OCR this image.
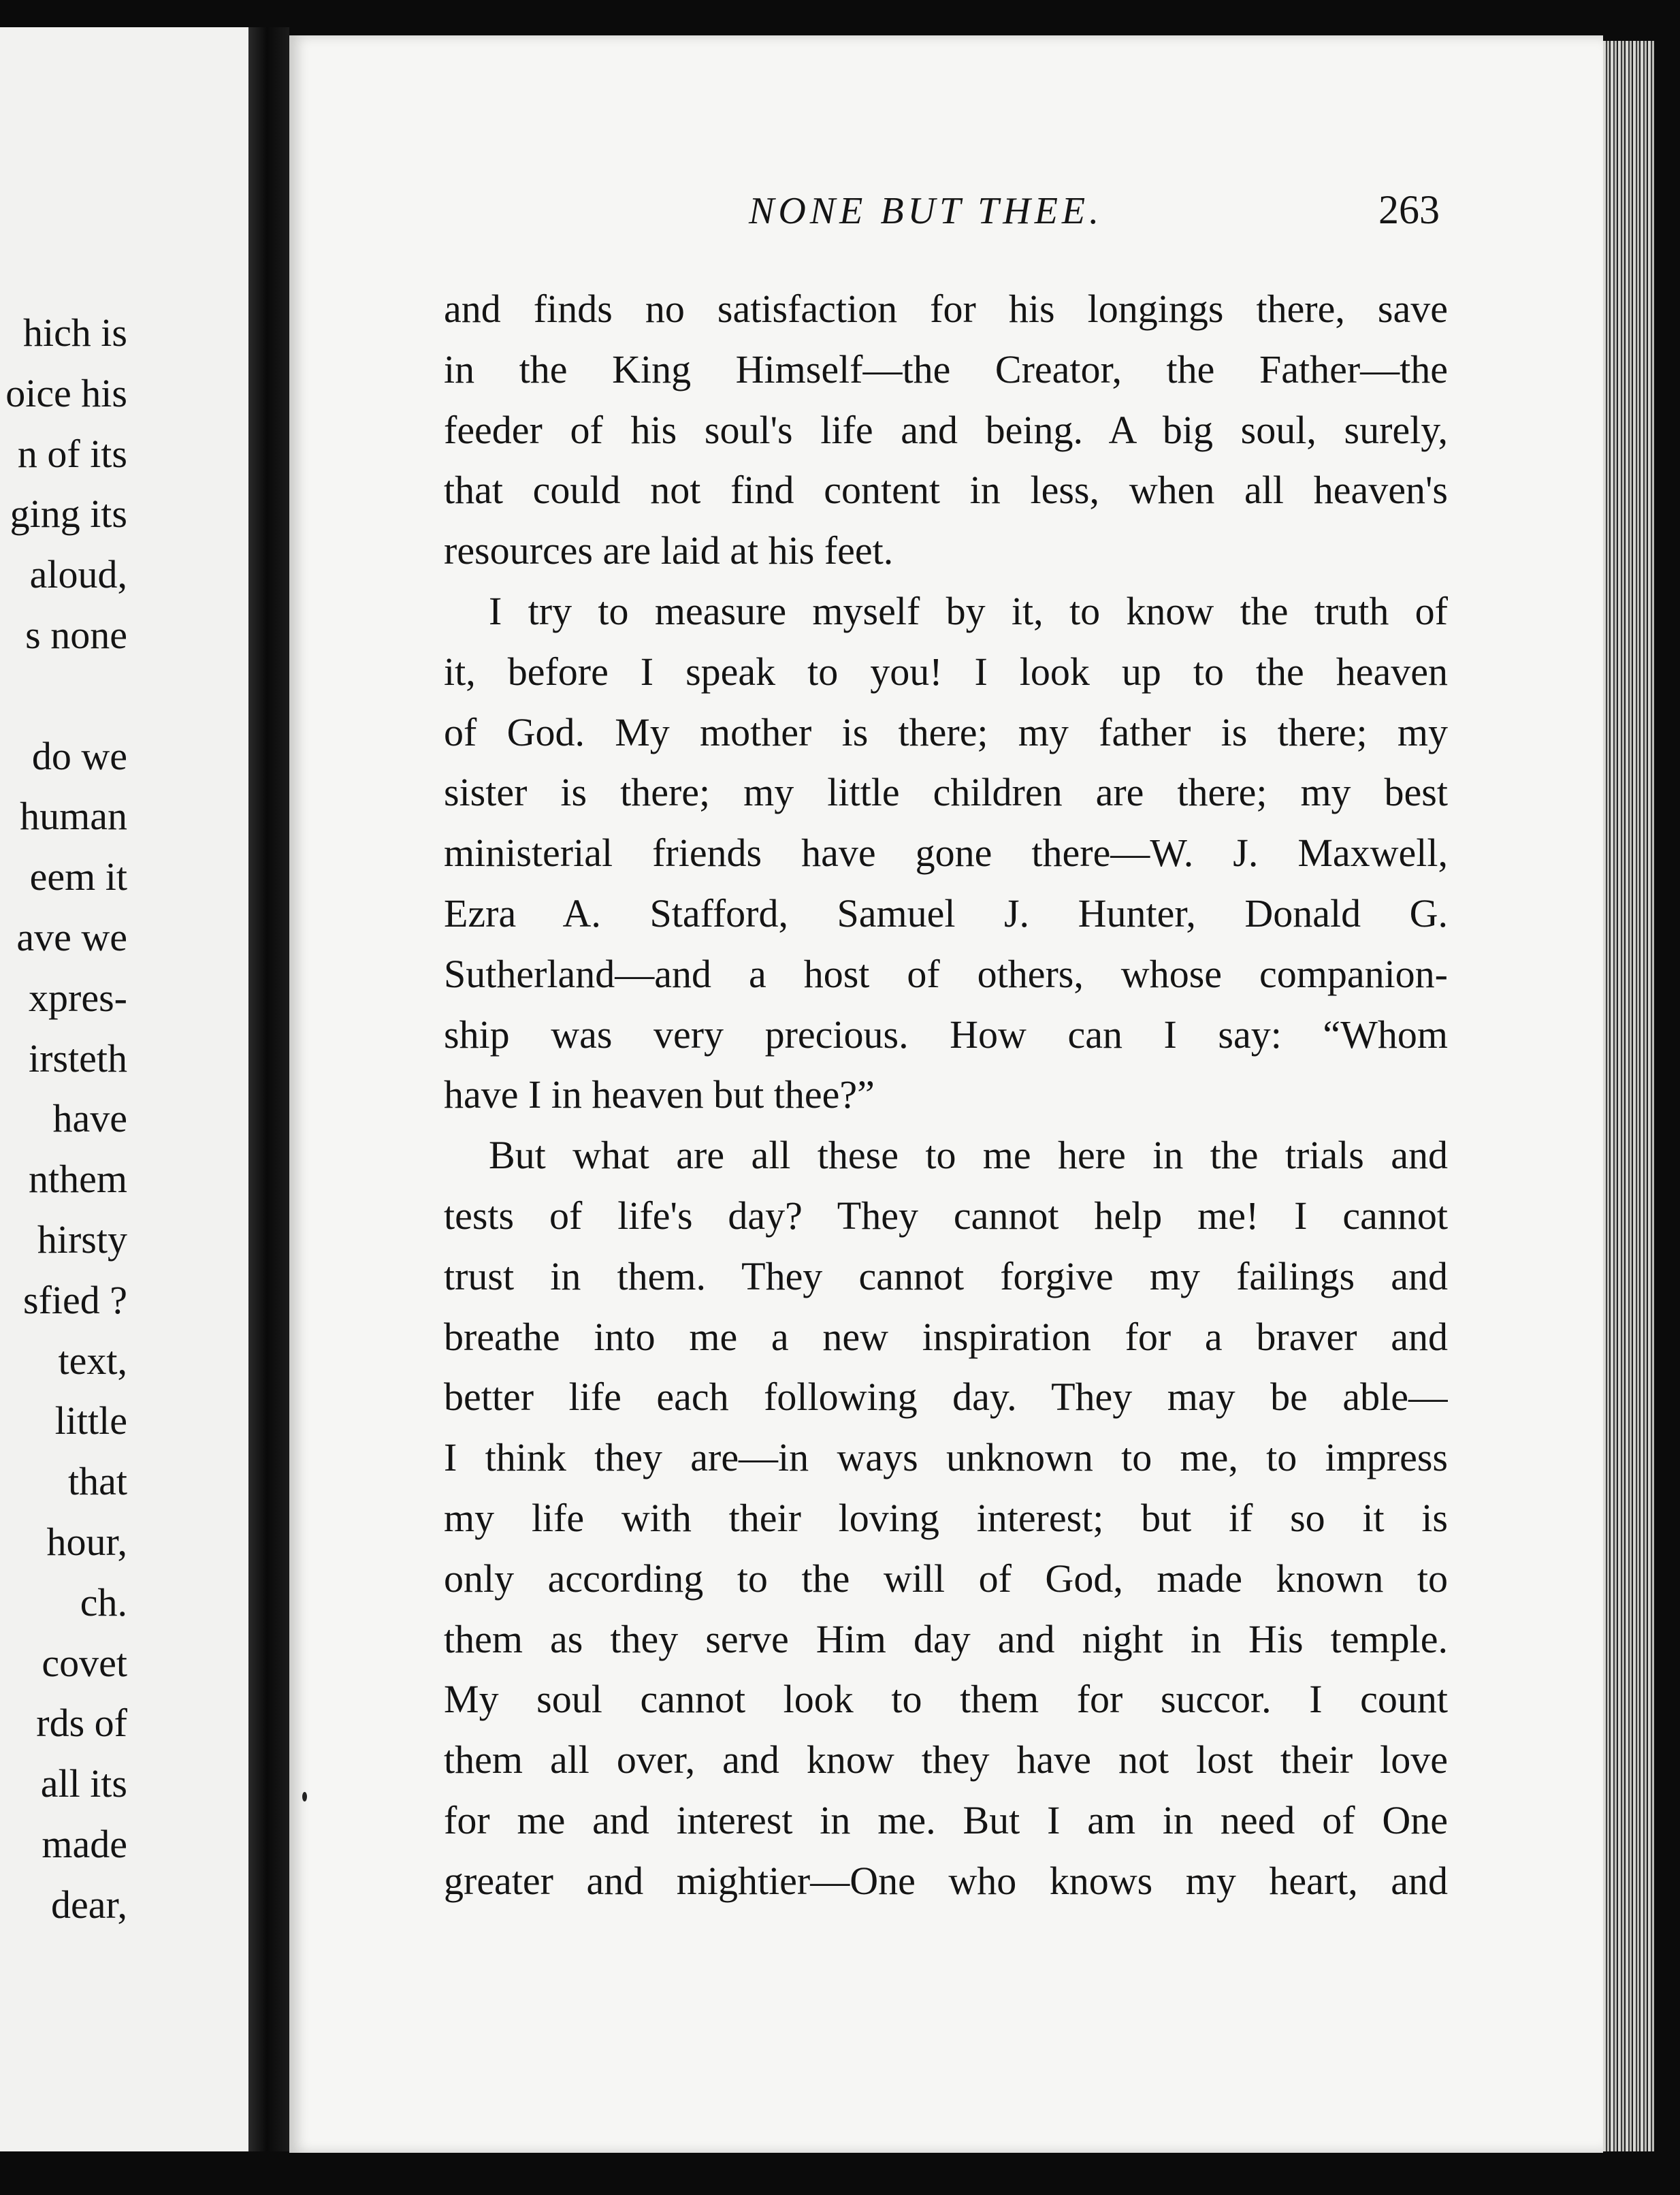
hich is
oice his
n of its
ging its
aloud,
s none
do we
human
eem it
ave we
xpres-
irsteth
have
nthem
hirsty
sfied ?
text,
little
that
hour,
ch.
covet
rds of
all its
made
dear,
NONE BUT THEE.	263
and finds no satisfaction for his longings there, save
in the King Himself—the Creator, the Father—the
feeder of his soul's life and being. A big soul, surely,
that could not find content in less, when all heaven's
resources are laid at his feet.
I try to measure myself by it, to know the truth of
it, before I speak to you! I look up to the heaven
of God. My mother is there; my father is there; my
sister is there; my little children are there; my best
ministerial friends have gone there—W. J. Maxwell,
Ezra A. Stafford, Samuel J. Hunter, Donald G.
Sutherland—and a host of others, whose companion-
ship was very precious. How can I say: “Whom
have I in heaven but thee?”
But what are all these to me here in the trials and
tests of life's day? They cannot help me! I cannot
trust in them. They cannot forgive my failings and
breathe into me a new inspiration for a braver and
better life each following day. They may be able—
I think they are—in ways unknown to me, to impress
my life with their loving interest; but if so it is
only according to the will of God, made known to
them as they serve Him day and night in His temple.
My soul cannot look to them for succor. I count
them all over, and know they have not lost their love
for me and interest in me. But I am in need of One
greater and mightier—One who knows my heart, and
